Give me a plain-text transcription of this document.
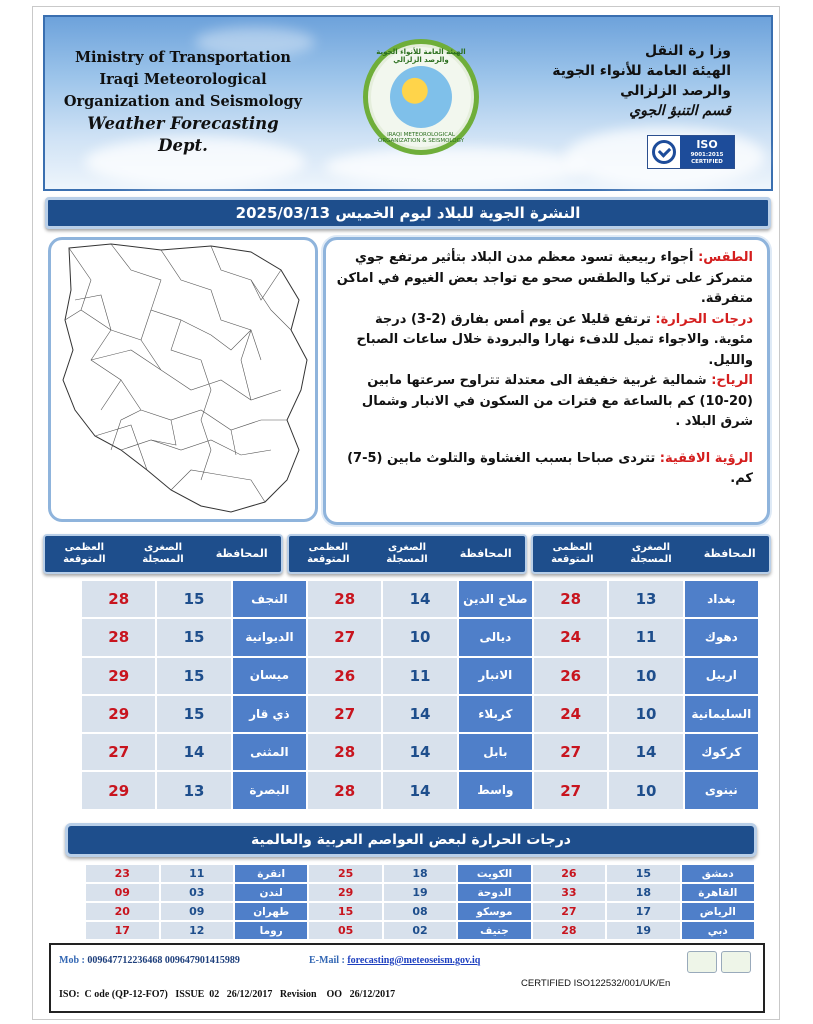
Ministry of Transportation
Iraqi Meteorological
Organization and Seismology
Weather Forecasting Dept.
الهيئة العامة للأنواء الجوية والرصد الزلزالي
IRAQI METEOROLOGICAL ORGANIZATION & SEISMOLOGY
وزا رة النقل
الهيئة العامة للأنواء الجوية
والرصد الزلزالي
قسم التنبؤ الجوي
ISO
9001:2015 CERTIFIED
النشرة الجوية للبلاد ليوم الخميس 2025/03/13

الطقس: أجواء ربيعية تسود معظم مدن البلاد بتأثير مرتفع جوي متمركز على تركيا والطقس صحو مع تواجد بعض الغيوم في اماكن متفرقة.

درجات الحرارة: ترتفع قليلا عن يوم أمس بفارق (2-3) درجة مئوية. والاجواء تميل للدفء نهارا والبرودة خلال ساعات الصباح والليل.

الرياح: شمالية غربية خفيفة الى معتدلة تتراوح سرعتها مابين (20-10) كم بالساعة مع فترات من السكون في الانبار وشمال شرق البلاد .

الرؤية الافقية: تتردى صباحا بسبب الغشاوة والتلوث مابين (5-7) كم.

المحافظة
الصغرى المسجلة
العظمى المتوقعة
المحافظة
الصغرى المسجلة
العظمى المتوقعة
المحافظة
الصغرى المسجلة
العظمى المتوقعة
بغداد
13
28
صلاح الدين
14
28
النجف
15
28
دهوك
11
24
ديالى
10
27
الديوانية
15
28
اربيل
10
26
الانبار
11
26
ميسان
15
29
السليمانية
10
24
كربلاء
14
27
ذي قار
15
29
كركوك
14
27
بابل
14
28
المثنى
14
27
نينوى
10
27
واسط
14
28
البصرة
13
29
درجات الحرارة لبعض العواصم العربية والعالمية
دمشق
15
26
الكويت
18
25
انقرة
11
23
القاهرة
18
33
الدوحة
19
29
لندن
03
09
الرياض
17
27
موسكو
08
15
طهران
09
20
دبي
19
28
جنيف
02
05
روما
12
17
Mob : 009647712236468 009647901415989	E-Mail : forecasting@meteoseism.gov.iq
CERTIFIED ISO122532/001/UK/En
ISO:  C ode (QP-12-FO7)   ISSUE  02   26/12/2017   Revision    OO   26/12/2017
